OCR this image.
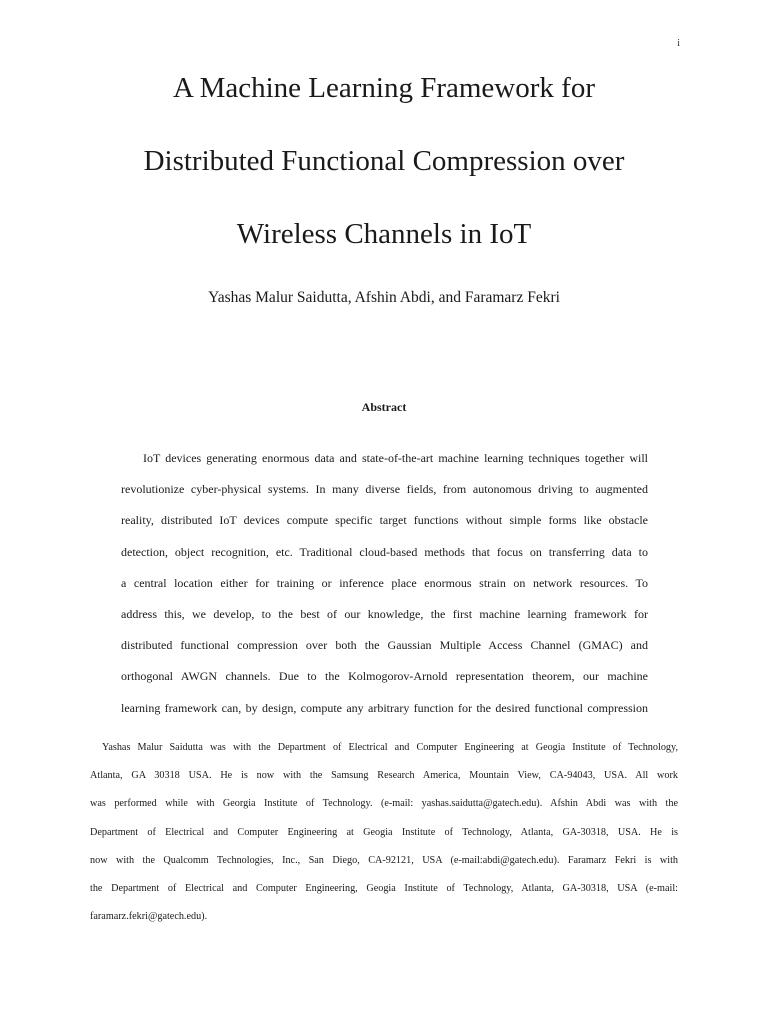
i
A Machine Learning Framework for
Distributed Functional Compression over
Wireless Channels in IoT
Yashas Malur Saidutta, Afshin Abdi, and Faramarz Fekri
Abstract
IoT devices generating enormous data and state-of-the-art machine learning techniques together will
revolutionize cyber-physical systems. In many diverse fields, from autonomous driving to augmented
reality, distributed IoT devices compute specific target functions without simple forms like obstacle
detection, object recognition, etc. Traditional cloud-based methods that focus on transferring data to
a central location either for training or inference place enormous strain on network resources. To
address this, we develop, to the best of our knowledge, the first machine learning framework for
distributed functional compression over both the Gaussian Multiple Access Channel (GMAC) and
orthogonal AWGN channels. Due to the Kolmogorov-Arnold representation theorem, our machine
learning framework can, by design, compute any arbitrary function for the desired functional compression
Yashas Malur Saidutta was with the Department of Electrical and Computer Engineering at Geogia Institute of Technology,
Atlanta, GA 30318 USA. He is now with the Samsung Research America, Mountain View, CA-94043, USA. All work
was performed while with Georgia Institute of Technology. (e-mail: yashas.saidutta@gatech.edu). Afshin Abdi was with the
Department of Electrical and Computer Engineering at Geogia Institute of Technology, Atlanta, GA-30318, USA. He is
now with the Qualcomm Technologies, Inc., San Diego, CA-92121, USA (e-mail:abdi@gatech.edu). Faramarz Fekri is with
the Department of Electrical and Computer Engineering, Geogia Institute of Technology, Atlanta, GA-30318, USA (e-mail:
faramarz.fekri@gatech.edu).
